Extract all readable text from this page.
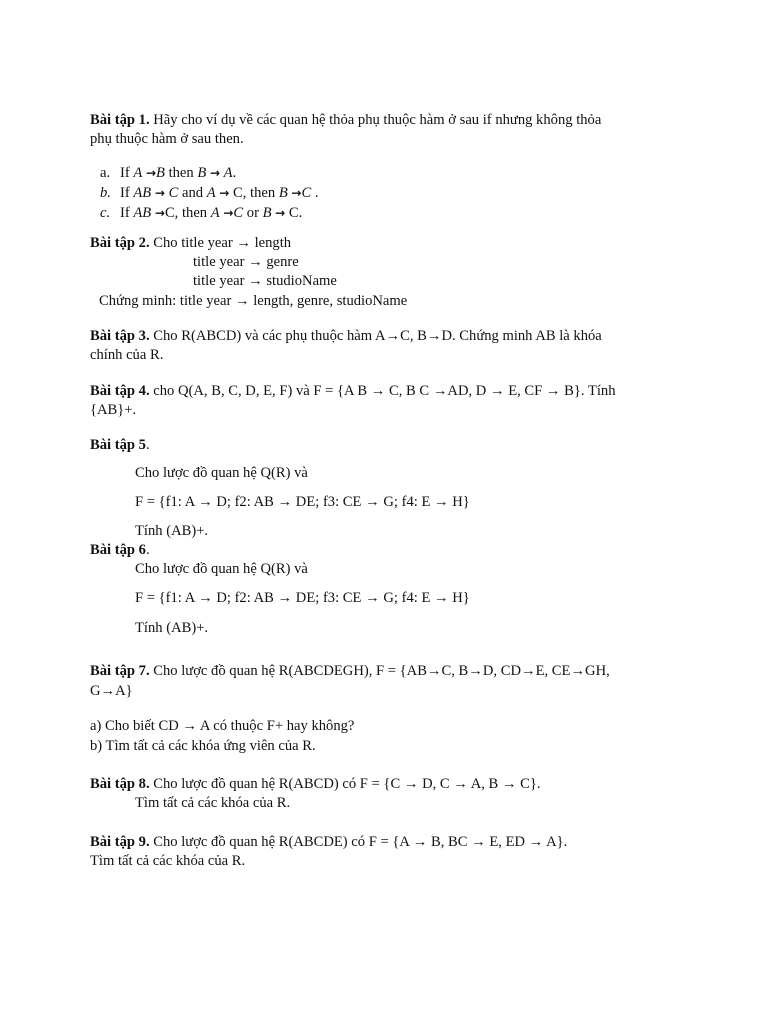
Bài tập 1. Hãy cho ví dụ về các quan hệ thỏa phụ thuộc hàm ở sau if nhưng không thỏa
phụ thuộc hàm ở sau then.
a. If A →B then B → A.
b. If AB → C and A → C, then B →C .
c. If AB →C, then A →C or B → C.
Bài tập 2. Cho title year → length
title year → genre
title year → studioName
Chứng minh: title year → length, genre, studioName
Bài tập 3. Cho R(ABCD) và các phụ thuộc hàm A→C, B→D. Chứng minh AB là khóa
chính của R.
Bài tập 4. cho Q(A, B, C, D, E, F) và F = {A B → C, B C →AD, D → E, CF → B}. Tính
{AB}+.
Bài tập 5.
Cho lược đồ quan hệ Q(R) và
F = {f1: A → D; f2: AB → DE; f3: CE → G; f4: E → H}
Tính (AB)+.
Bài tập 6.
Cho lược đồ quan hệ Q(R) và
F = {f1: A → D; f2: AB → DE; f3: CE → G; f4: E → H}
Tính (AB)+.
Bài tập 7. Cho lược đồ quan hệ R(ABCDEGH), F = {AB→C, B→D, CD→E, CE→GH,
G→A}
a) Cho biết CD → A có thuộc F+ hay không?
b) Tìm tất cả các khóa ứng viên của R.
Bài tập 8. Cho lược đồ quan hệ R(ABCD) có F = {C → D, C → A, B → C}.
Tìm tất cả các khóa của R.
Bài tập 9. Cho lược đồ quan hệ R(ABCDE) có F = {A → B, BC → E, ED → A}.
Tìm tất cả các khóa của R.
